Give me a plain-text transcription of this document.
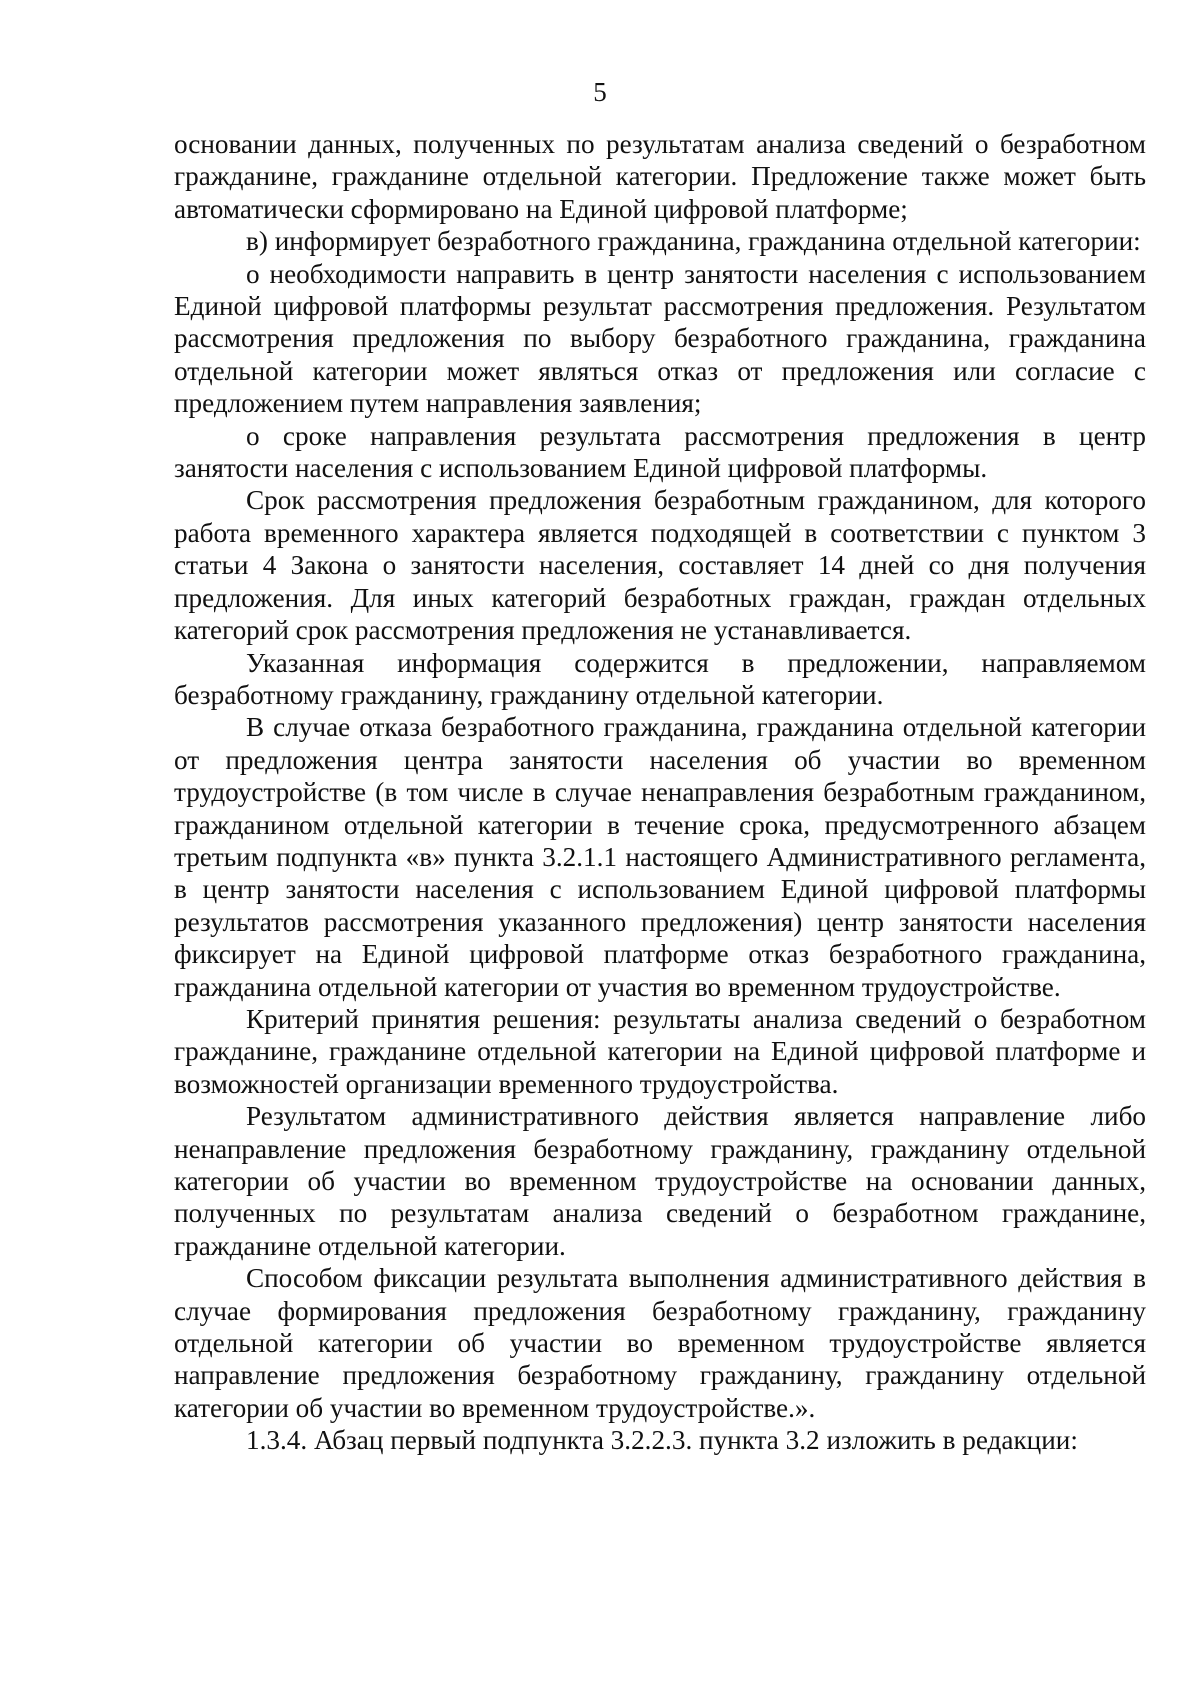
5

основании данных, полученных по результатам анализа сведений о безработном гражданине, гражданине отдельной категории. Предложение также может быть автоматически сформировано на Единой цифровой платформе;

в) информирует безработного гражданина, гражданина отдельной категории:

о необходимости направить в центр занятости населения с использованием Единой цифровой платформы результат рассмотрения предложения. Результатом рассмотрения предложения по выбору безработного гражданина, гражданина отдельной категории может являться отказ от предложения или согласие с предложением путем направления заявления;

о сроке направления результата рассмотрения предложения в центр занятости населения с использованием Единой цифровой платформы.

Срок рассмотрения предложения безработным гражданином, для которого работа временного характера является подходящей в соответствии с пунктом 3 статьи 4 Закона о занятости населения, составляет 14 дней со дня получения предложения. Для иных категорий безработных граждан, граждан отдельных категорий срок рассмотрения предложения не устанавливается.

Указанная информация содержится в предложении, направляемом безработному гражданину, гражданину отдельной категории.

В случае отказа безработного гражданина, гражданина отдельной категории от предложения центра занятости населения об участии во временном трудоустройстве (в том числе в случае ненаправления безработным гражданином, гражданином отдельной категории в течение срока, предусмотренного абзацем третьим подпункта «в» пункта 3.2.1.1 настоящего Административного регламента, в центр занятости населения с использованием Единой цифровой платформы результатов рассмотрения указанного предложения) центр занятости населения фиксирует на Единой цифровой платформе отказ безработного гражданина, гражданина отдельной категории от участия во временном трудоустройстве.

Критерий принятия решения: результаты анализа сведений о безработном гражданине, гражданине отдельной категории на Единой цифровой платформе и возможностей организации временного трудоустройства.

Результатом административного действия является направление либо ненаправление предложения безработному гражданину, гражданину отдельной категории об участии во временном трудоустройстве на основании данных, полученных по результатам анализа сведений о безработном гражданине, гражданине отдельной категории.

Способом фиксации результата выполнения административного действия в случае формирования предложения безработному гражданину, гражданину отдельной категории об участии во временном трудоустройстве является направление предложения безработному гражданину, гражданину отдельной категории об участии во временном трудоустройстве.».

1.3.4. Абзац первый подпункта 3.2.2.3. пункта 3.2 изложить в редакции:
